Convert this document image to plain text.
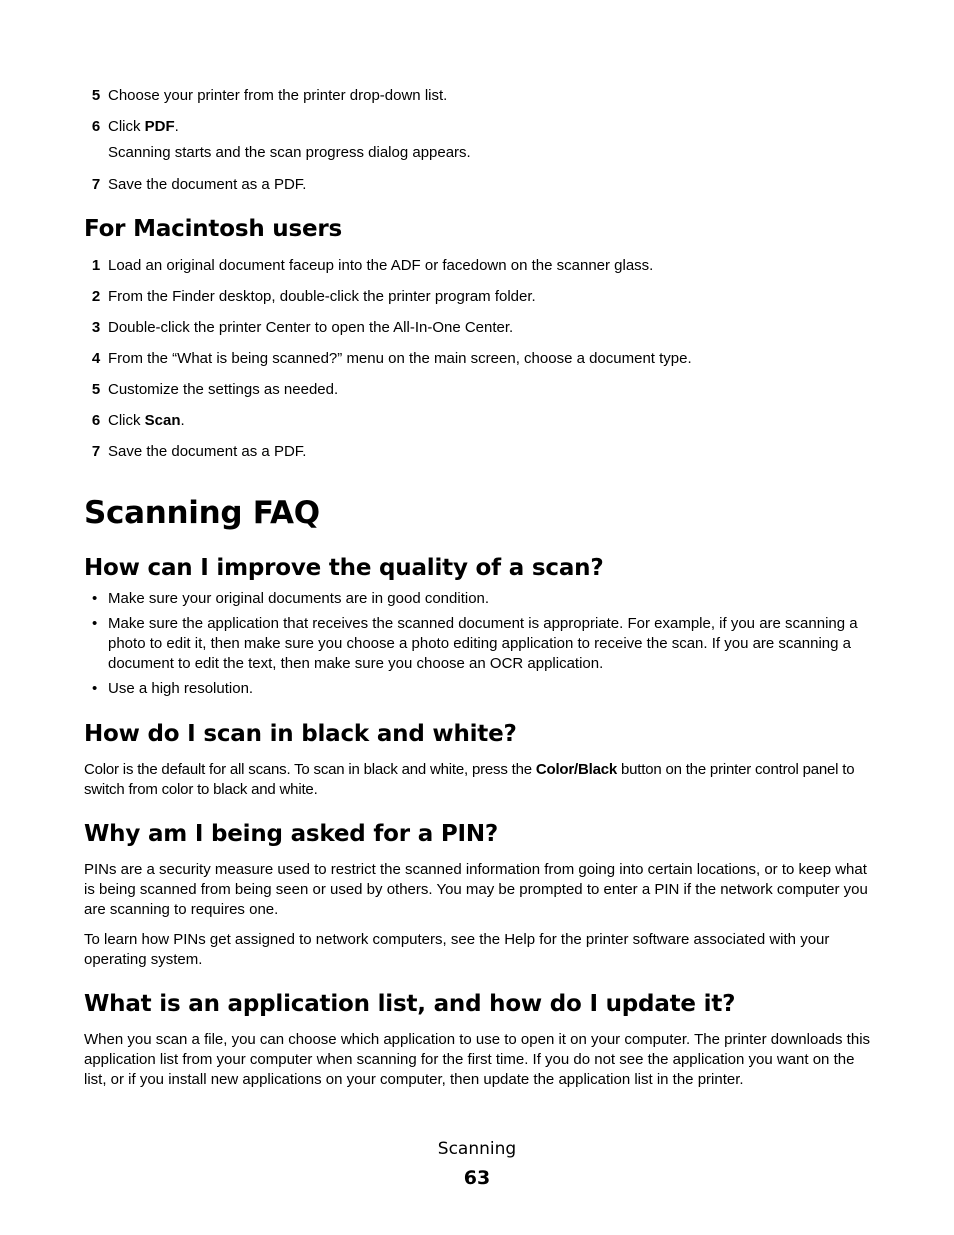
5 Choose your printer from the printer drop-down list.
6 Click PDF.
Scanning starts and the scan progress dialog appears.
7 Save the document as a PDF.
For Macintosh users
1 Load an original document faceup into the ADF or facedown on the scanner glass.
2 From the Finder desktop, double-click the printer program folder.
3 Double-click the printer Center to open the All-In-One Center.
4 From the “What is being scanned?” menu on the main screen, choose a document type.
5 Customize the settings as needed.
6 Click Scan.
7 Save the document as a PDF.
Scanning FAQ
How can I improve the quality of a scan?
• Make sure your original documents are in good condition.
• Make sure the application that receives the scanned document is appropriate. For example, if you are scanning a photo to edit it, then make sure you choose a photo editing application to receive the scan. If you are scanning a document to edit the text, then make sure you choose an OCR application.
• Use a high resolution.
How do I scan in black and white?
Color is the default for all scans. To scan in black and white, press the Color/Black button on the printer control panel to switch from color to black and white.
Why am I being asked for a PIN?
PINs are a security measure used to restrict the scanned information from going into certain locations, or to keep what is being scanned from being seen or used by others. You may be prompted to enter a PIN if the network computer you are scanning to requires one.
To learn how PINs get assigned to network computers, see the Help for the printer software associated with your operating system.
What is an application list, and how do I update it?
When you scan a file, you can choose which application to use to open it on your computer. The printer downloads this application list from your computer when scanning for the first time. If you do not see the application you want on the list, or if you install new applications on your computer, then update the application list in the printer.
Scanning
63
